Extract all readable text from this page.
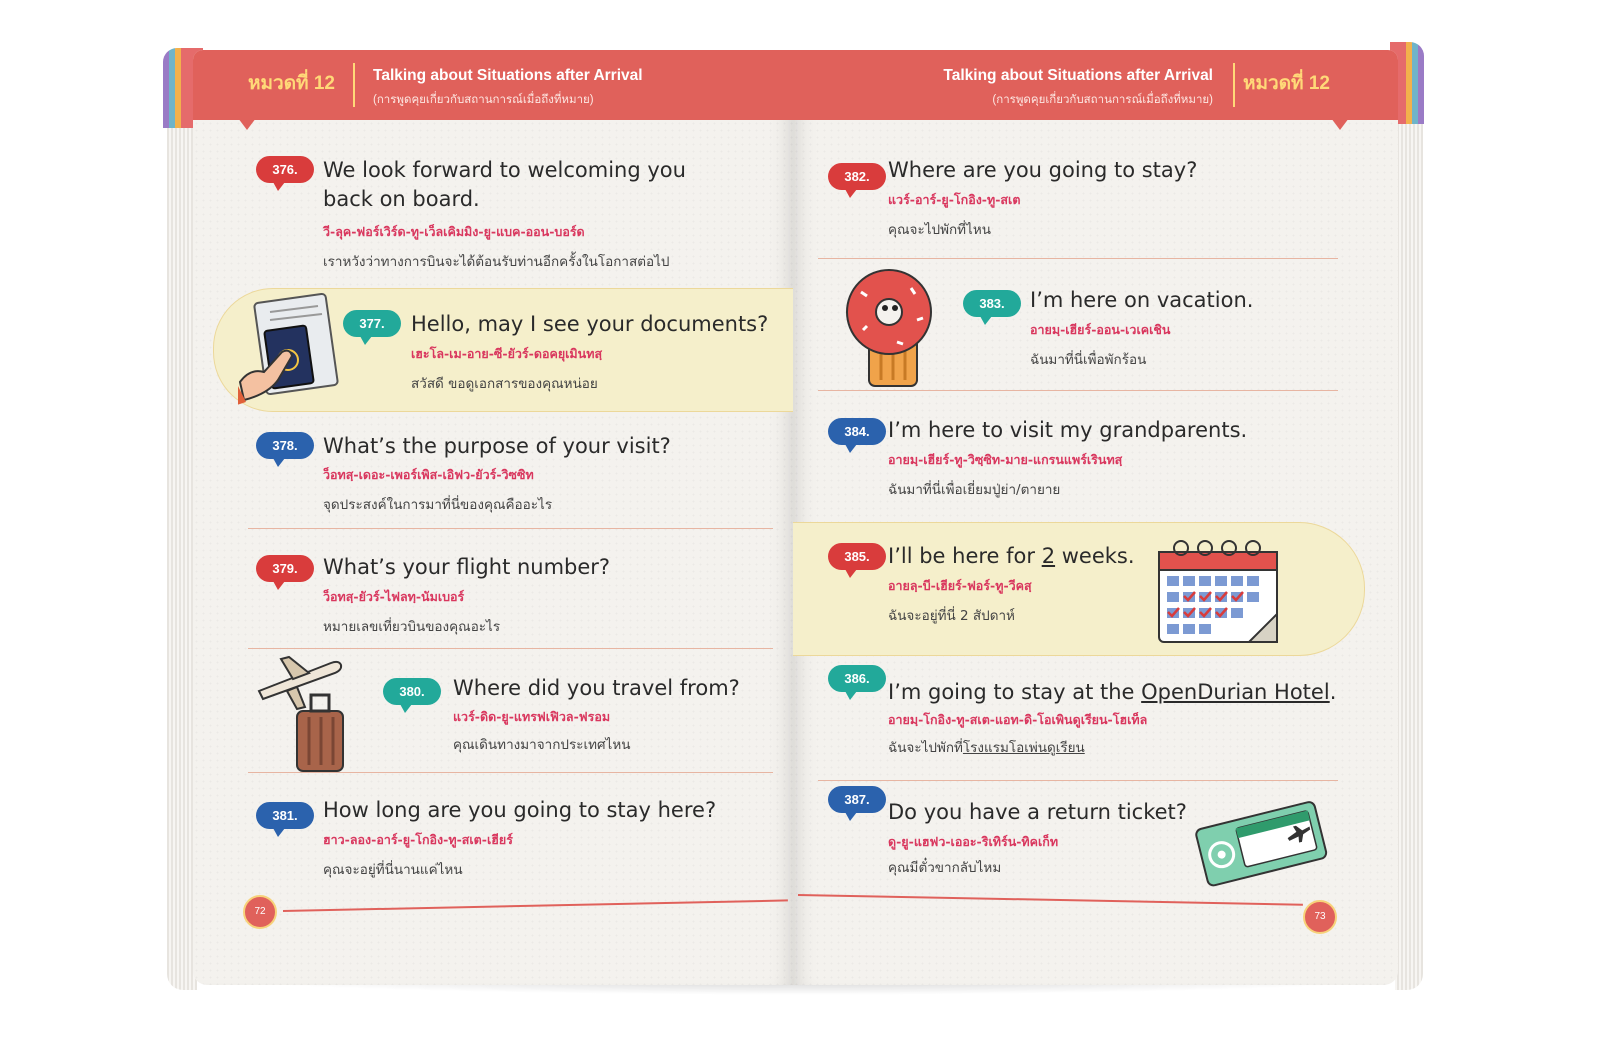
หมวดที่ 12 Talking about Situations after Arrival
(การพูดคุยเกี่ยวกับสถานการณ์เมื่อถึงที่หมาย)
376.	We look forward to welcoming you
back on board.
วี-ลุค-ฟอร์เวิร์ด-ทู-เว็ลเคิมมิง-ยู-แบค-ออน-บอร์ด
เราหวังว่าทางการบินจะได้ต้อนรับท่านอีกครั้งในโอกาสต่อไป
377.	Hello, may I see your documents?
เฮะโล-เม-อาย-ซี-ยัวร์-ดอคยุเมินทสฺ
สวัสดี ขอดูเอกสารของคุณหน่อย
378.	What’s the purpose of your visit?
ว็อทสฺ-เดอะ-เพอร์เพิส-เอิฟว-ยัวร์-วิซซิท
จุดประสงค์ในการมาที่นี่ของคุณคืออะไร
379.	What’s your flight number?
ว็อทสฺ-ยัวร์-ไฟลทฺ-นัมเบอร์
หมายเลขเที่ยวบินของคุณอะไร
380.	Where did you travel from?
แวร์-ดิด-ยู-แทรฟเฟิวล-ฟรอม
คุณเดินทางมาจากประเทศไหน
381.	How long are you going to stay here?
ฮาว-ลอง-อาร์-ยู-โกอิง-ทู-สเต-เฮียร์
คุณจะอยู่ที่นี่นานแค่ไหน
72
Talking about Situations after Arrival
(การพูดคุยเกี่ยวกับสถานการณ์เมื่อถึงที่หมาย)
หมวดที่ 12
382. Where are you going to stay?
แวร์-อาร์-ยู-โกอิง-ทู-สเต
คุณจะไปพักที่ไหน
383.	I’m here on vacation.
อายมฺ-เฮียร์-ออน-เวเคเชิน
ฉันมาที่นี่เพื่อพักร้อน
384. I’m here to visit my grandparents.
อายมฺ-เฮียร์-ทู-วิซฺซิท-มาย-แกรนแพร์เรินทสฺ
ฉันมาที่นี่เพื่อเยี่ยมปู่ย่า/ตายาย
385. I’ll be here for 2 weeks.
อายลฺ-บี-เฮียร์-ฟอร์-ทู-วีคสฺ
ฉันจะอยู่ที่นี่ 2 สัปดาห์
386.
I’m going to stay at the OpenDurian Hotel.
อายมฺ-โกอิง-ทู-สเต-แอท-ดิ-โอเพินดูเรียน-โฮเท็ล
ฉันจะไปพักที่โรงแรมโอเพ่นดูเรียน
387.
Do you have a return ticket?
ดู-ยู-แฮฟว-เออะ-ริเทิร์น-ทิคเก็ท
คุณมีตั๋วขากลับไหม
73
